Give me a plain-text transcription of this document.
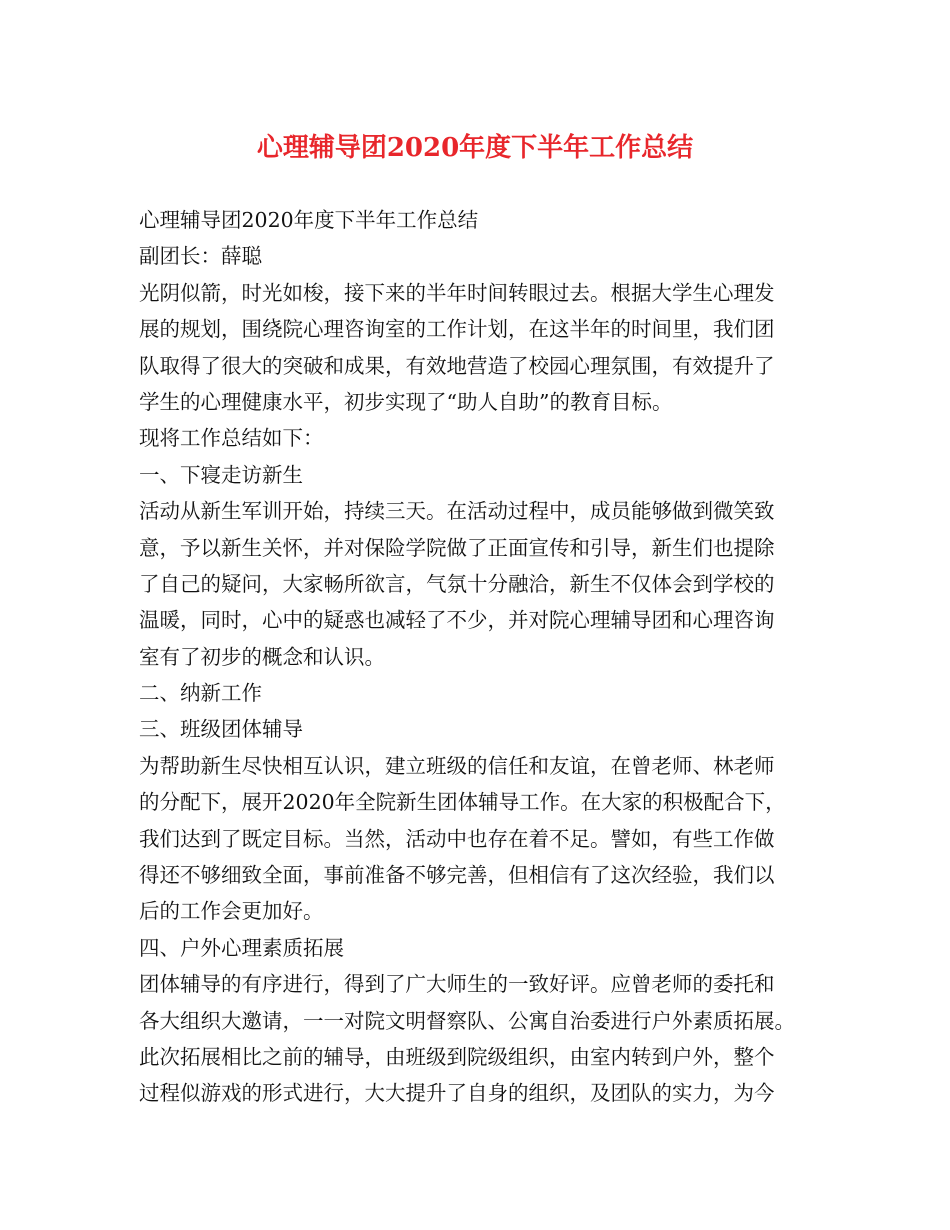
心理辅导团2020年度下半年工作总结
心理辅导团2020年度下半年工作总结
副团长：薛聪
光阴似箭，时光如梭，接下来的半年时间转眼过去。根据大学生心理发
展的规划，围绕院心理咨询室的工作计划，在这半年的时间里，我们团
队取得了很大的突破和成果，有效地营造了校园心理氛围，有效提升了
学生的心理健康水平，初步实现了“助人自助”的教育目标。
现将工作总结如下：
一、下寝走访新生
活动从新生军训开始，持续三天。在活动过程中，成员能够做到微笑致
意，予以新生关怀，并对保险学院做了正面宣传和引导，新生们也提除
了自己的疑问，大家畅所欲言，气氛十分融洽，新生不仅体会到学校的
温暖，同时，心中的疑惑也减轻了不少，并对院心理辅导团和心理咨询
室有了初步的概念和认识。
二、纳新工作
三、班级团体辅导
为帮助新生尽快相互认识，建立班级的信任和友谊，在曾老师、林老师
的分配下，展开2020年全院新生团体辅导工作。在大家的积极配合下，
我们达到了既定目标。当然，活动中也存在着不足。譬如，有些工作做
得还不够细致全面，事前准备不够完善，但相信有了这次经验，我们以
后的工作会更加好。
四、户外心理素质拓展
团体辅导的有序进行，得到了广大师生的一致好评。应曾老师的委托和
各大组织大邀请，一一对院文明督察队、公寓自治委进行户外素质拓展。
此次拓展相比之前的辅导，由班级到院级组织，由室内转到户外，整个
过程似游戏的形式进行，大大提升了自身的组织，及团队的实力，为今
